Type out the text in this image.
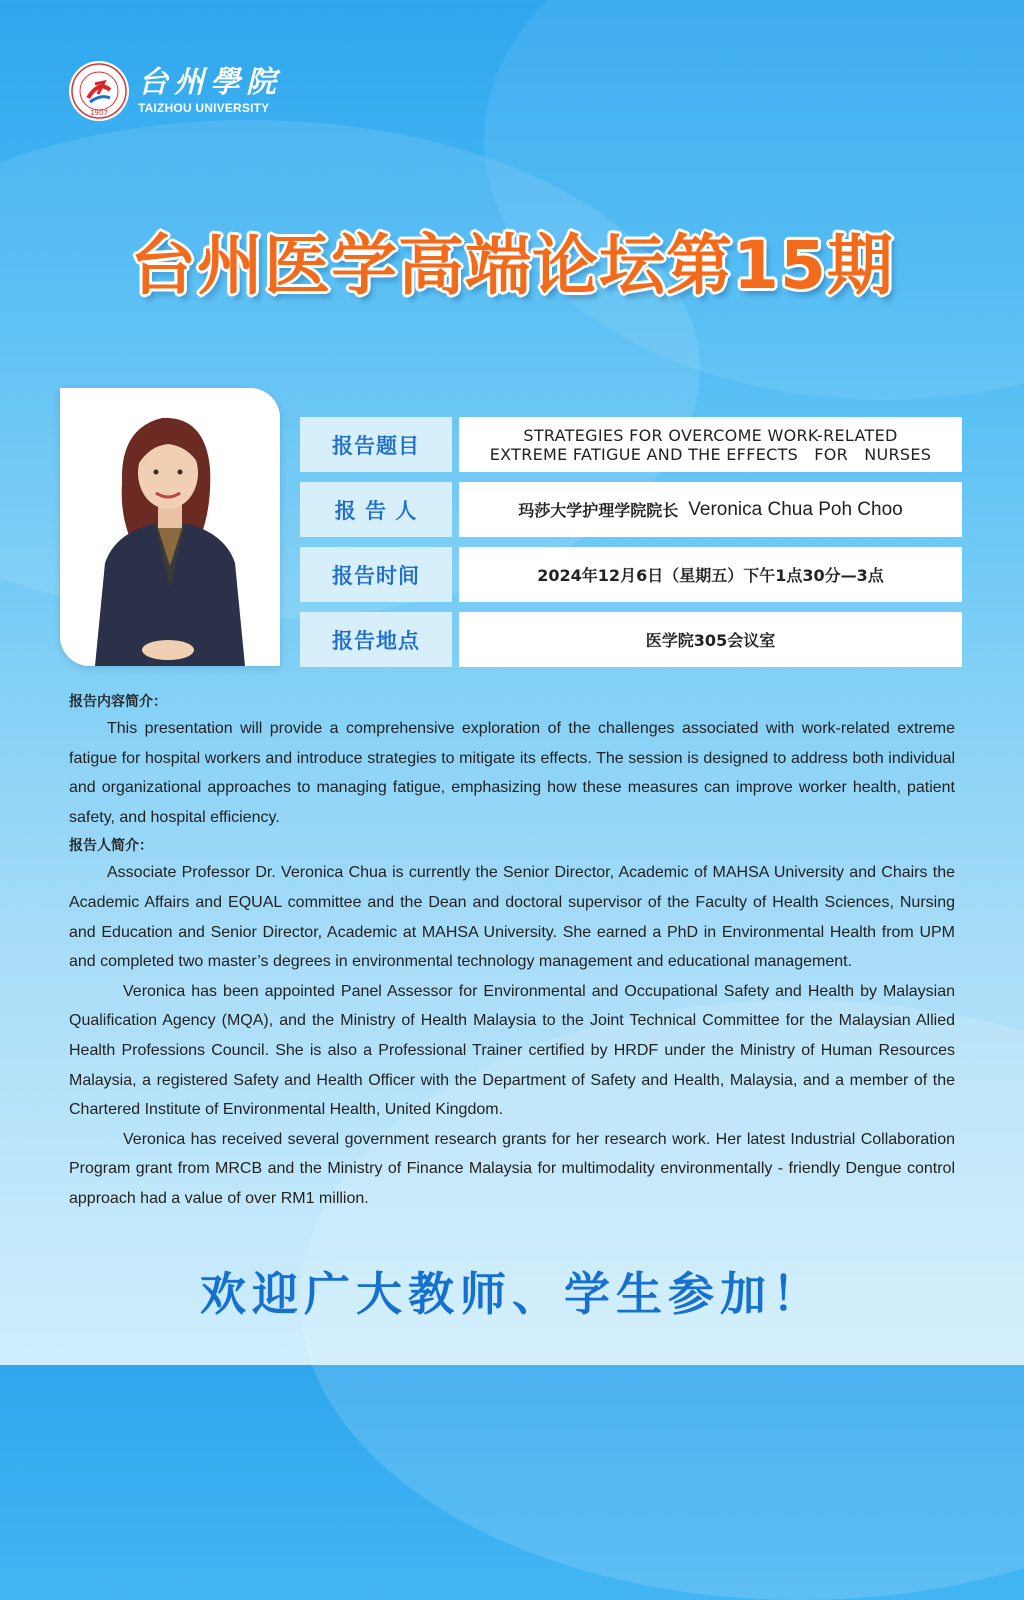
1907
台州學院
TAIZHOU UNIVERSITY
台州医学高端论坛第15期
报告题目	STRATEGIES FOR OVERCOME WORK-RELATED
EXTREME FATIGUE AND THE EFFECTS   FOR   NURSES
报 告 人	玛莎大学护理学院院长 Veronica Chua Poh Choo
报告时间	2024年12月6日（星期五）下午1点30分—3点
报告地点	医学院305会议室
报告内容简介：

This presentation will provide a comprehensive exploration of the challenges associated with work-related extreme fatigue for hospital workers and introduce strategies to mitigate its effects. The session is designed to address both individual and organizational approaches to managing fatigue, emphasizing how these measures can improve worker health, patient safety, and hospital efficiency.

报告人简介：

Associate Professor Dr. Veronica Chua is currently the Senior Director, Academic of MAHSA University and Chairs the Academic Affairs and EQUAL committee and the Dean and doctoral supervisor of the Faculty of Health Sciences, Nursing and Education and Senior Director, Academic at MAHSA University. She earned a PhD in Environmental Health from UPM and completed two master’s degrees in environmental technology management and educational management.

Veronica has been appointed Panel Assessor for Environmental and Occupational Safety and Health by Malaysian Qualification Agency (MQA), and the Ministry of Health Malaysia to the Joint Technical Committee for the Malaysian Allied Health Professions Council. She is also a Professional Trainer certified by HRDF under the Ministry of Human Resources Malaysia, a registered Safety and Health Officer with the Department of Safety and Health, Malaysia, and a member of the Chartered Institute of Environmental Health, United Kingdom.

Veronica has received several government research grants for her research work. Her latest Industrial Collaboration Program grant from MRCB and the Ministry of Finance Malaysia for multimodality environmentally - friendly Dengue control approach had a value of over RM1 million.

欢迎广大教师、学生参加！
